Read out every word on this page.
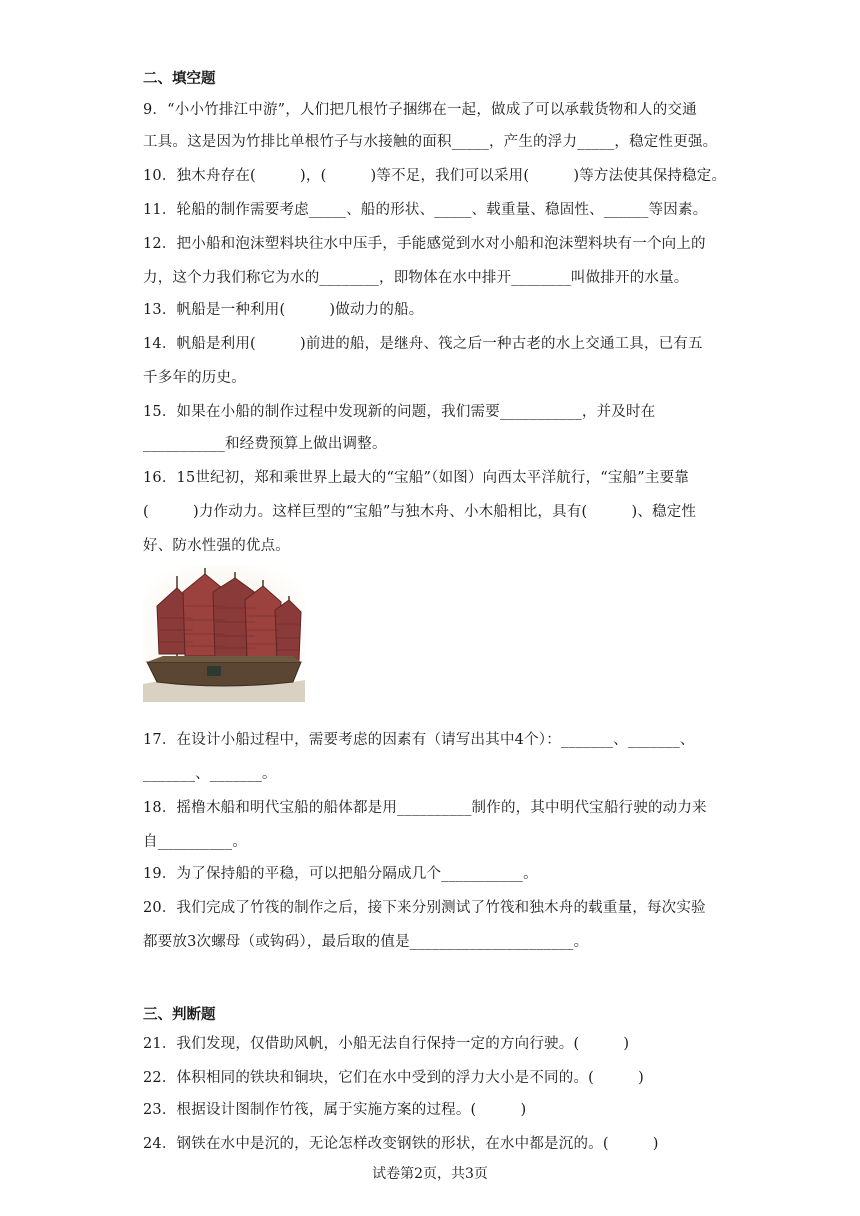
二、填空题
9．“小小竹排江中游”，人们把几根竹子捆绑在一起，做成了可以承载货物和人的交通
工具。这是因为竹排比单根竹子与水接触的面积_____，产生的浮力_____，稳定性更强。
10．独木舟存在(　　　)，(　　　)等不足，我们可以采用(　　　)等方法使其保持稳定。
11．轮船的制作需要考虑_____、船的形状、_____、载重量、稳固性、______等因素。
12．把小船和泡沫塑料块往水中压手，手能感觉到水对小船和泡沫塑料块有一个向上的
力，这个力我们称它为水的________，即物体在水中排开________叫做排开的水量。
13．帆船是一种利用(　　　)做动力的船。
14．帆船是利用(　　　)前进的船，是继舟、筏之后一种古老的水上交通工具，已有五
千多年的历史。
15．如果在小船的制作过程中发现新的问题，我们需要___________，并及时在
___________和经费预算上做出调整。
16．15世纪初，郑和乘世界上最大的“宝船”（如图）向西太平洋航行，“宝船”主要靠
(　　　)力作动力。这样巨型的“宝船”与独木舟、小木船相比，具有(　　　)、稳定性
好、防水性强的优点。
17．在设计小船过程中，需要考虑的因素有（请写出其中4个）：_______、_______、
_______、_______。
18．摇橹木船和明代宝船的船体都是用__________制作的，其中明代宝船行驶的动力来
自__________。
19．为了保持船的平稳，可以把船分隔成几个___________。
20．我们完成了竹筏的制作之后，接下来分别测试了竹筏和独木舟的载重量，每次实验
都要放3次螺母（或钩码），最后取的值是______________________。
三、判断题
21．我们发现，仅借助风帆，小船无法自行保持一定的方向行驶。(　　　)
22．体积相同的铁块和铜块，它们在水中受到的浮力大小是不同的。(　　　)
23．根据设计图制作竹筏，属于实施方案的过程。(　　　)
24．钢铁在水中是沉的，无论怎样改变钢铁的形状，在水中都是沉的。(　　　)
试卷第2页，共3页
